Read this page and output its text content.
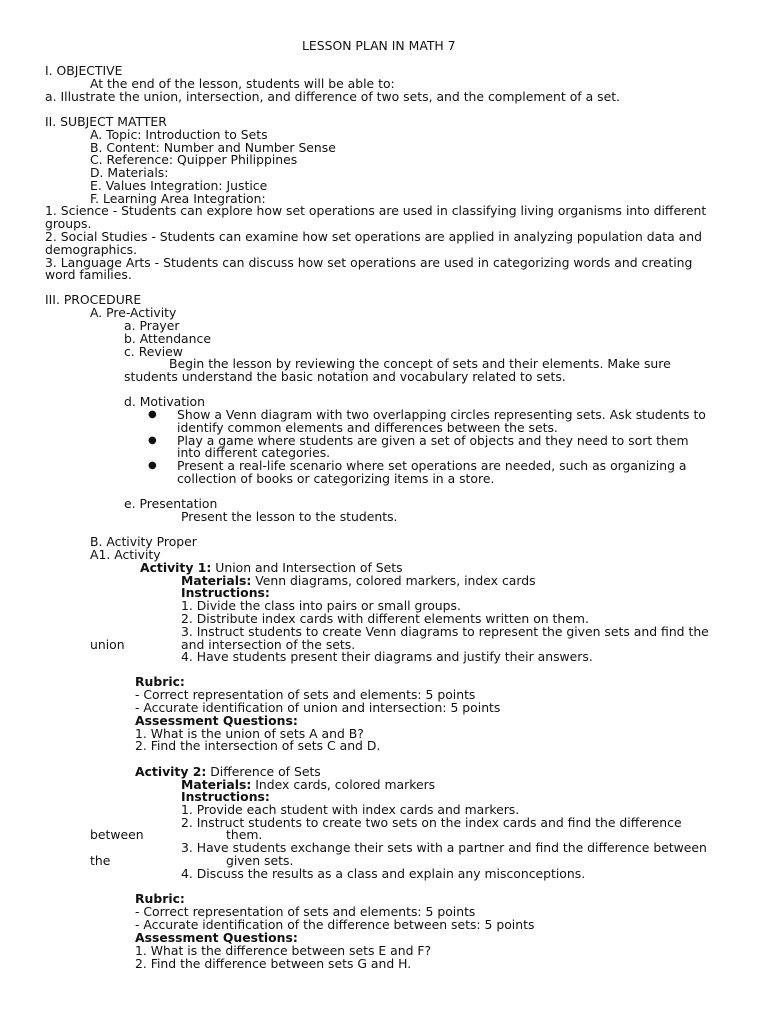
LESSON PLAN IN MATH 7
I. OBJECTIVE
At the end of the lesson, students will be able to:
a. Illustrate the union, intersection, and difference of two sets, and the complement of a set.
II. SUBJECT MATTER
A. Topic: Introduction to Sets
B. Content: Number and Number Sense
C. Reference: Quipper Philippines
D. Materials:
E. Values Integration: Justice
F. Learning Area Integration:
1. Science - Students can explore how set operations are used in classifying living organisms into different
groups.
2. Social Studies - Students can examine how set operations are applied in analyzing population data and
demographics.
3. Language Arts - Students can discuss how set operations are used in categorizing words and creating
word families.
III. PROCEDURE
A. Pre-Activity
a. Prayer
b. Attendance
c. Review
Begin the lesson by reviewing the concept of sets and their elements. Make sure
students understand the basic notation and vocabulary related to sets.
d. Motivation
● Show a Venn diagram with two overlapping circles representing sets. Ask students to
identify common elements and differences between the sets.
● Play a game where students are given a set of objects and they need to sort them
into different categories.
● Present a real-life scenario where set operations are needed, such as organizing a
collection of books or categorizing items in a store.
e. Presentation
Present the lesson to the students.
B. Activity Proper
A1. Activity
Activity 1: Union and Intersection of Sets
Materials: Venn diagrams, colored markers, index cards
Instructions:
1. Divide the class into pairs or small groups.
2. Distribute index cards with different elements written on them.
3. Instruct students to create Venn diagrams to represent the given sets and find the
union	and intersection of the sets.
4. Have students present their diagrams and justify their answers.
Rubric:
- Correct representation of sets and elements: 5 points
- Accurate identification of union and intersection: 5 points
Assessment Questions:
1. What is the union of sets A and B?
2. Find the intersection of sets C and D.
Activity 2: Difference of Sets
Materials: Index cards, colored markers
Instructions:
1. Provide each student with index cards and markers.
2. Instruct students to create two sets on the index cards and find the difference
between	them.
3. Have students exchange their sets with a partner and find the difference between
the	given sets.
4. Discuss the results as a class and explain any misconceptions.
Rubric:
- Correct representation of sets and elements: 5 points
- Accurate identification of the difference between sets: 5 points
Assessment Questions:
1. What is the difference between sets E and F?
2. Find the difference between sets G and H.
